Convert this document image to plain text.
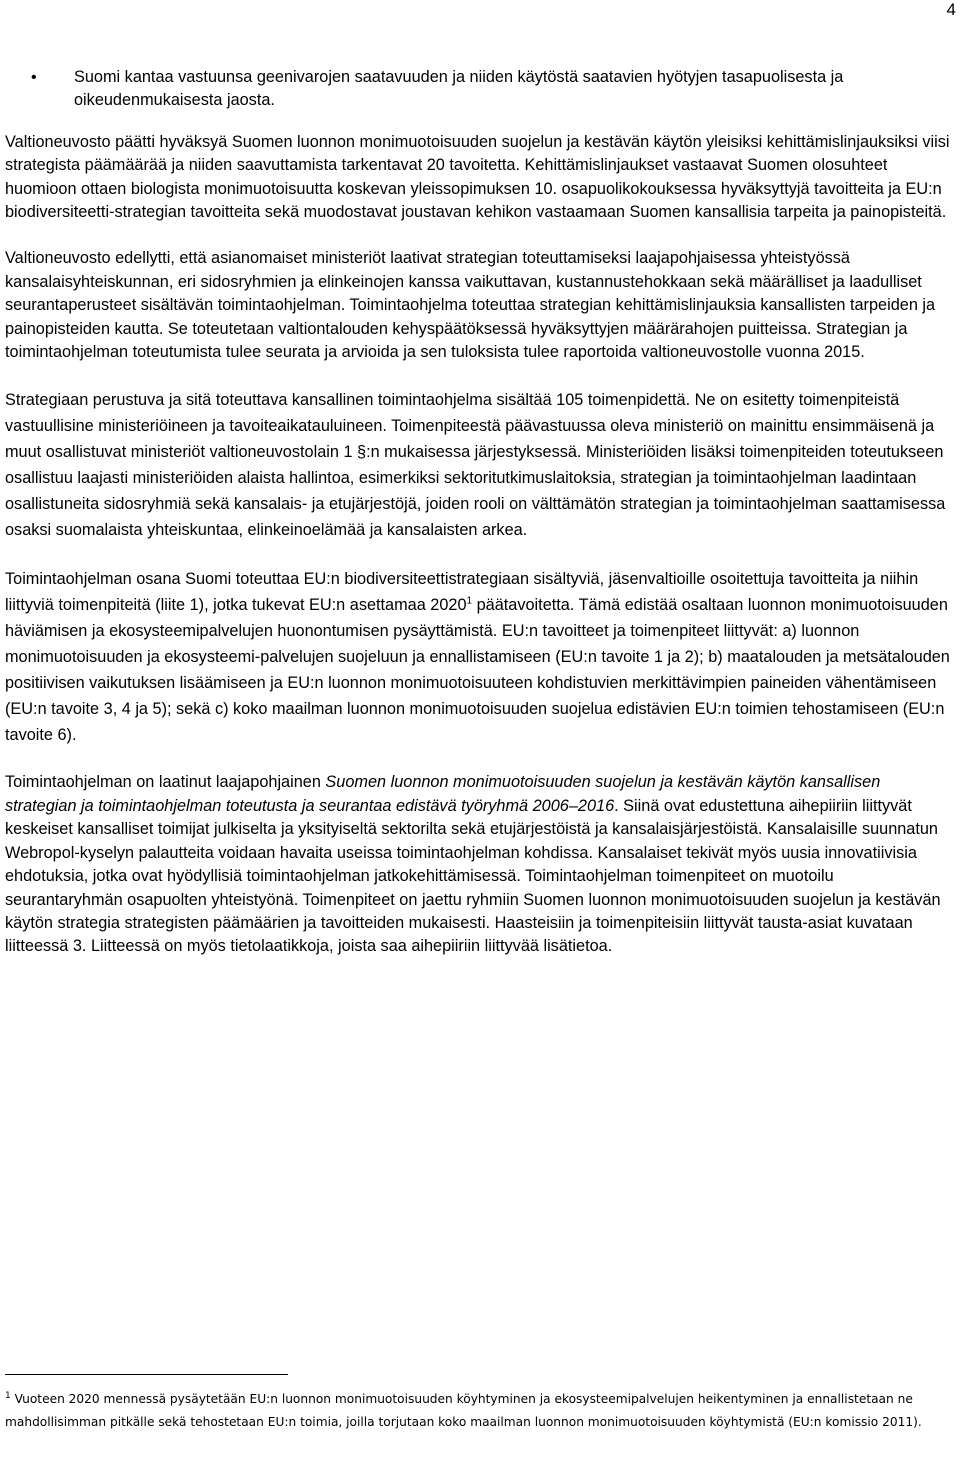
4
• Suomi kantaa vastuunsa geenivarojen saatavuuden ja niiden käytöstä saatavien hyötyjen tasapuolisesta ja oikeudenmukaisesta jaosta.

Valtioneuvosto päätti hyväksyä Suomen luonnon monimuotoisuuden suojelun ja kestävän käytön yleisiksi kehittämislinjauksiksi viisi strategista päämäärää ja niiden saavuttamista tarkentavat 20 tavoitetta. Kehittämislinjaukset vastaavat Suomen olosuhteet huomioon ottaen biologista monimuotoisuutta koskevan yleissopimuksen 10. osapuolikokouksessa hyväksyttyjä tavoitteita ja EU:n biodiversiteetti-strategian tavoitteita sekä muodostavat joustavan kehikon vastaamaan Suomen kansallisia tarpeita ja painopisteitä.

Valtioneuvosto edellytti, että asianomaiset ministeriöt laativat strategian toteuttamiseksi laajapohjaisessa yhteistyössä kansalaisyhteiskunnan, eri sidosryhmien ja elinkeinojen kanssa vaikuttavan, kustannustehokkaan sekä määrälliset ja laadulliset seurantaperusteet sisältävän toimintaohjelman. Toimintaohjelma toteuttaa strategian kehittämislinjauksia kansallisten tarpeiden ja painopisteiden kautta. Se toteutetaan valtiontalouden kehyspäätöksessä hyväksyttyjen määrärahojen puitteissa. Strategian ja toimintaohjelman toteutumista tulee seurata ja arvioida ja sen tuloksista tulee raportoida valtioneuvostolle vuonna 2015.

Strategiaan perustuva ja sitä toteuttava kansallinen toimintaohjelma sisältää 105 toimenpidettä. Ne on esitetty toimenpiteistä vastuullisine ministeriöineen ja tavoiteaikatauluineen. Toimenpiteestä päävastuussa oleva ministeriö on mainittu ensimmäisenä ja muut osallistuvat ministeriöt valtioneuvostolain 1 §:n mukaisessa järjestyksessä. Ministeriöiden lisäksi toimenpiteiden toteutukseen osallistuu laajasti ministeriöiden alaista hallintoa, esimerkiksi sektoritutkimuslaitoksia, strategian ja toimintaohjelman laadintaan osallistuneita sidosryhmiä sekä kansalais- ja etujärjestöjä, joiden rooli on välttämätön strategian ja toimintaohjelman saattamisessa osaksi suomalaista yhteiskuntaa, elinkeinoelämää ja kansalaisten arkea.

Toimintaohjelman osana Suomi toteuttaa EU:n biodiversiteettistrategiaan sisältyviä, jäsenvaltioille osoitettuja tavoitteita ja niihin liittyviä toimenpiteitä (liite 1), jotka tukevat EU:n asettamaa 2020$^1$ päätavoitetta. Tämä edistää osaltaan luonnon monimuotoisuuden häviämisen ja ekosysteemipalvelujen huonontumisen pysäyttämistä. EU:n tavoitteet ja toimenpiteet liittyvät: a) luonnon monimuotoisuuden ja ekosysteemi-palvelujen suojeluun ja ennallistamiseen (EU:n tavoite 1 ja 2); b) maatalouden ja metsätalouden positiivisen vaikutuksen lisäämiseen ja EU:n luonnon monimuotoisuuteen kohdistuvien merkittävimpien paineiden vähentämiseen (EU:n tavoite 3, 4 ja 5); sekä c) koko maailman luonnon monimuotoisuuden suojelua edistävien EU:n toimien tehostamiseen (EU:n tavoite 6).

Toimintaohjelman on laatinut laajapohjainen Suomen luonnon monimuotoisuuden suojelun ja kestävän käytön kansallisen strategian ja toimintaohjelman toteutusta ja seurantaa edistävä työryhmä 2006–2016. Siinä ovat edustettuna aihepiiriin liittyvät keskeiset kansalliset toimijat julkiselta ja yksityiseltä sektorilta sekä etujärjestöistä ja kansalaisjärjestöistä. Kansalaisille suunnatun Webropol-kyselyn palautteita voidaan havaita useissa toimintaohjelman kohdissa. Kansalaiset tekivät myös uusia innovatiivisia ehdotuksia, jotka ovat hyödyllisiä toimintaohjelman jatkokehittämisessä. Toimintaohjelman toimenpiteet on muotoilu seurantaryhmän osapuolten yhteistyönä. Toimenpiteet on jaettu ryhmiin Suomen luonnon monimuotoisuuden suojelun ja kestävän käytön strategia strategisten päämäärien ja tavoitteiden mukaisesti. Haasteisiin ja toimenpiteisiin liittyvät tausta-asiat kuvataan liitteessä 3. Liitteessä on myös tietolaatikkoja, joista saa aihepiiriin liittyvää lisätietoa.

$^1$ Vuoteen 2020 mennessä pysäytetään EU:n luonnon monimuotoisuuden köyhtyminen ja ekosysteemipalvelujen heikentyminen ja ennallistetaan ne mahdollisimman pitkälle sekä tehostetaan EU:n toimia, joilla torjutaan koko maailman luonnon monimuotoisuuden köyhtymistä (EU:n komissio 2011).
